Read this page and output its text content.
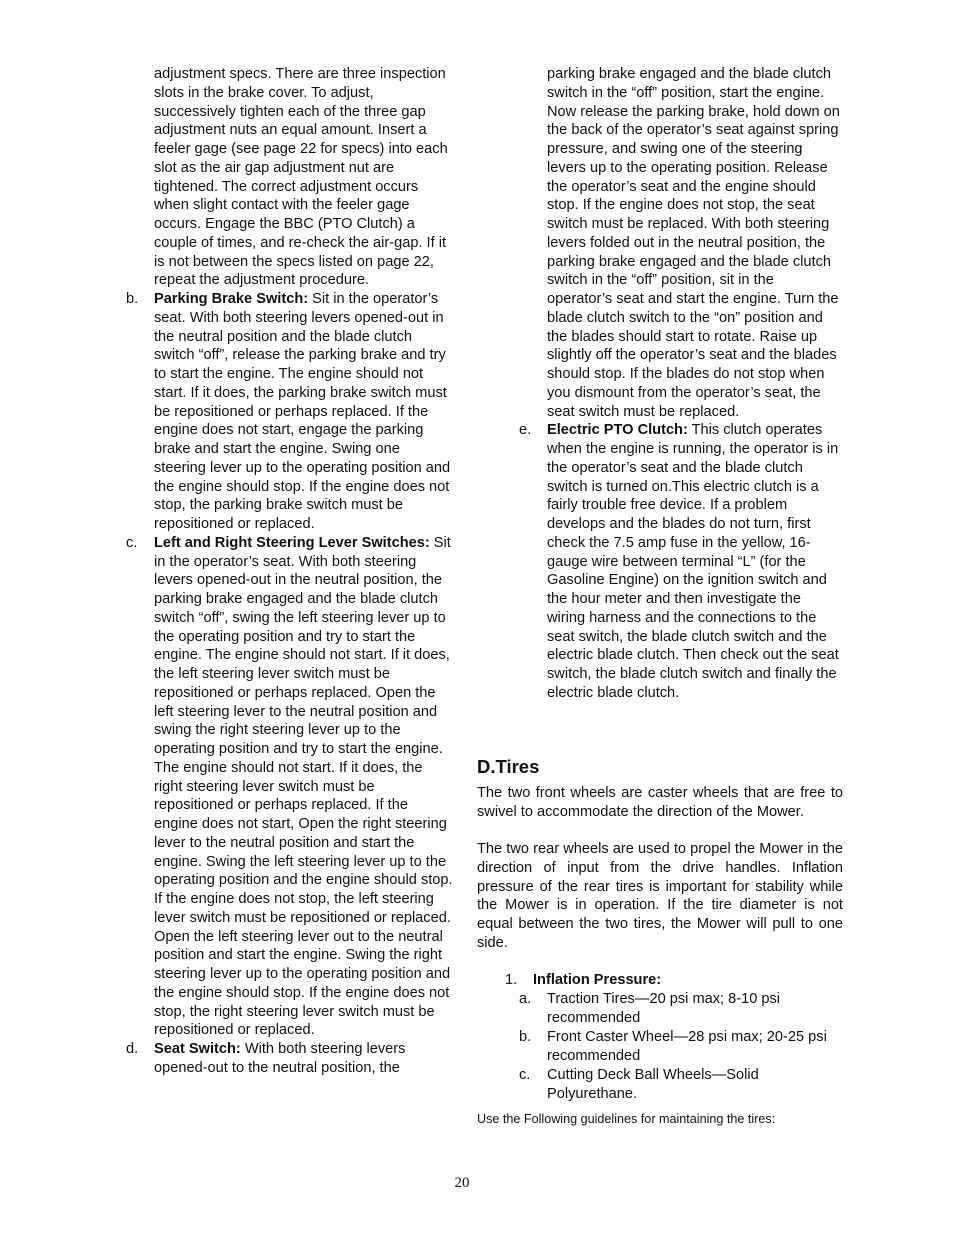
adjustment specs. There are three inspection slots in the brake cover. To adjust, successively tighten each of the three gap adjustment nuts an equal amount. Insert a feeler gage (see page 22 for specs) into each slot as the air gap adjustment nut are tightened. The correct adjustment occurs when slight contact with the feeler gage occurs. Engage the BBC (PTO Clutch) a couple of times, and re-check the air-gap. If it is not between the specs listed on page 22, repeat the adjustment procedure.

b. Parking Brake Switch: Sit in the operator’s seat. With both steering levers opened-out in the neutral position and the blade clutch switch “off”, release the parking brake and try to start the engine. The engine should not start. If it does, the parking brake switch must be repositioned or perhaps replaced. If the engine does not start, engage the parking brake and start the engine. Swing one steering lever up to the operating position and the engine should stop. If the engine does not stop, the parking brake switch must be repositioned or replaced.
c. Left and Right Steering Lever Switches: Sit in the operator’s seat. With both steering levers opened-out in the neutral position, the parking brake engaged and the blade clutch switch “off”, swing the left steering lever up to the operating position and try to start the engine. The engine should not start. If it does, the left steering lever switch must be repositioned or perhaps replaced. Open the left steering lever to the neutral position and swing the right steering lever up to the operating position and try to start the engine. The engine should not start. If it does, the right steering lever switch must be repositioned or perhaps replaced. If the engine does not start, Open the right steering lever to the neutral position and start the engine. Swing the left steering lever up to the operating position and the engine should stop. If the engine does not stop, the left steering lever switch must be repositioned or replaced. Open the left steering lever out to the neutral position and start the engine. Swing the right steering lever up to the operating position and the engine should stop. If the engine does not stop, the right steering lever switch must be repositioned or replaced.
d. Seat Switch: With both steering levers opened-out to the neutral position, the

parking brake engaged and the blade clutch switch in the “off” position, start the engine. Now release the parking brake, hold down on the back of the operator’s seat against spring pressure, and swing one of the steering levers up to the operating position. Release the operator’s seat and the engine should stop. If the engine does not stop, the seat switch must be replaced. With both steering levers folded out in the neutral position, the parking brake engaged and the blade clutch switch in the “off” position, sit in the operator’s seat and start the engine. Turn the blade clutch switch to the “on” position and the blades should start to rotate. Raise up slightly off the operator’s seat and the blades should stop. If the blades do not stop when you dismount from the operator’s seat, the seat switch must be replaced.

e. Electric PTO Clutch: This clutch operates when the engine is running, the operator is in the operator’s seat and the blade clutch switch is turned on.This electric clutch is a fairly trouble free device. If a problem develops and the blades do not turn, first check the 7.5 amp fuse in the yellow, 16-gauge wire between terminal “L” (for the Gasoline Engine) on the ignition switch and the hour meter and then investigate the wiring harness and the connections to the seat switch, the blade clutch switch and the electric blade clutch. Then check out the seat switch, the blade clutch switch and finally the electric blade clutch.
D.Tires

The two front wheels are caster wheels that are free to swivel to accommodate the direction of the Mower.

The two rear wheels are used to propel the Mower in the direction of input from the drive handles. Inflation pressure of the rear tires is important for stability while the Mower is in operation. If the tire diameter is not equal between the two tires, the Mower will pull to one side.

1. Inflation Pressure:
a. Traction Tires—20 psi max; 8-10 psi recommended
b. Front Caster Wheel—28 psi max; 20-25 psi recommended
c. Cutting Deck Ball Wheels—Solid Polyurethane.

Use the Following guidelines for maintaining the tires:

20
